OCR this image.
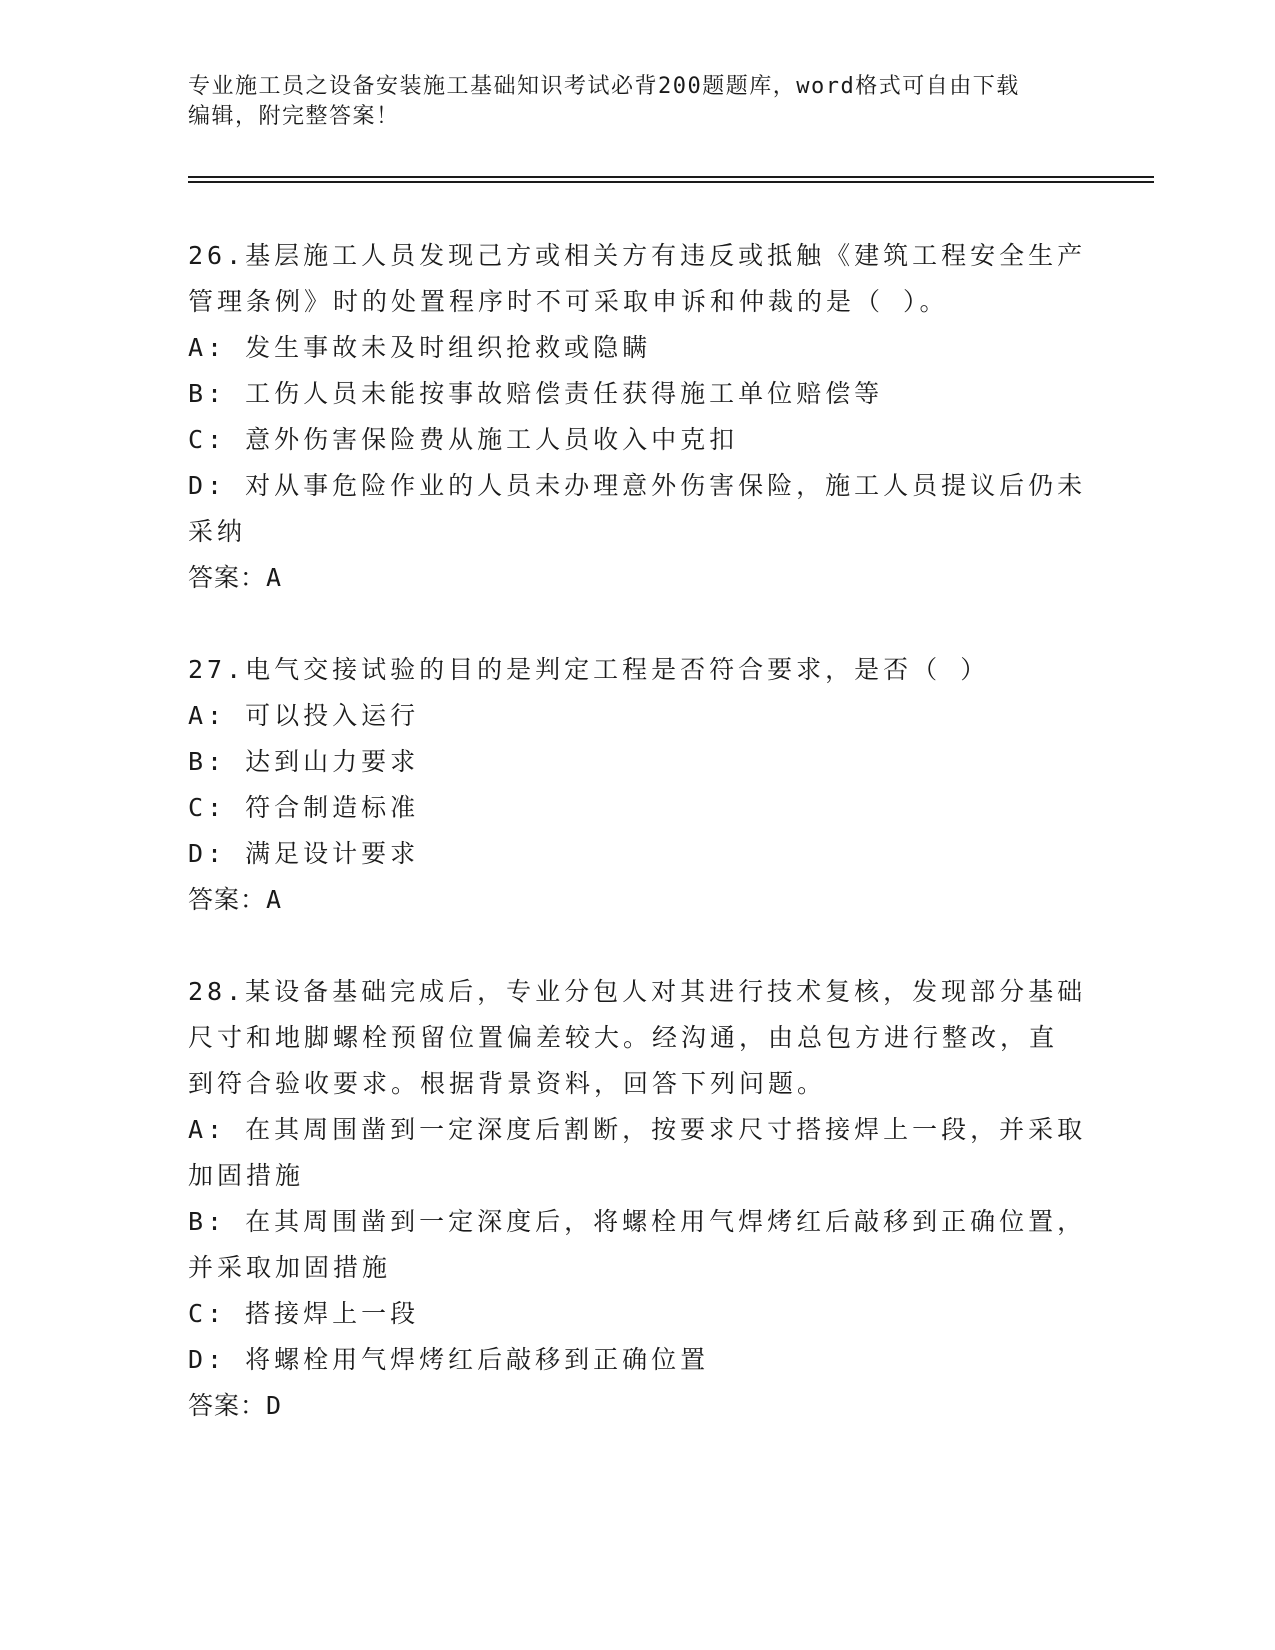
专业施工员之设备安装施工基础知识考试必背200题题库，word格式可自由下载

编辑，附完整答案！

26.基层施工人员发现己方或相关方有违反或抵触《建筑工程安全生产

管理条例》时的处置程序时不可采取申诉和仲裁的是（ ）。

A: 发生事故未及时组织抢救或隐瞒

B: 工伤人员未能按事故赔偿责任获得施工单位赔偿等

C: 意外伤害保险费从施工人员收入中克扣

D: 对从事危险作业的人员未办理意外伤害保险，施工人员提议后仍未

采纳

答案：A

27.电气交接试验的目的是判定工程是否符合要求，是否（ ）

A: 可以投入运行

B: 达到山力要求

C: 符合制造标准

D: 满足设计要求

答案：A

28.某设备基础完成后，专业分包人对其进行技术复核，发现部分基础

尺寸和地脚螺栓预留位置偏差较大。经沟通，由总包方进行整改，直

到符合验收要求。根据背景资料，回答下列问题。

A: 在其周围凿到一定深度后割断，按要求尺寸搭接焊上一段，并采取

加固措施

B: 在其周围凿到一定深度后，将螺栓用气焊烤红后敲移到正确位置，

并采取加固措施

C: 搭接焊上一段

D: 将螺栓用气焊烤红后敲移到正确位置

答案：D
